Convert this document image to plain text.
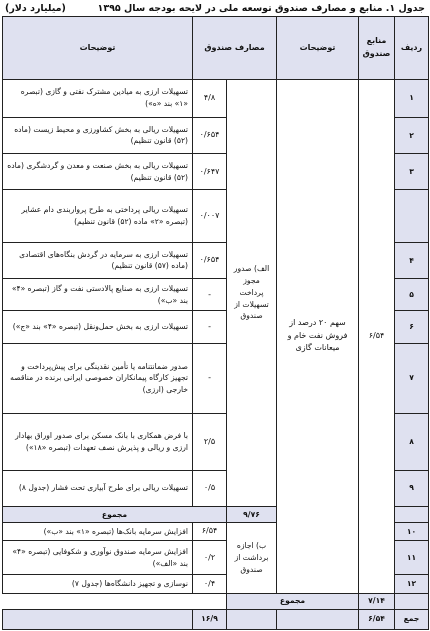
جدول ۱. منابع و مصارف صندوق توسعه ملی در لایحه بودجه سال ۱۳۹۵
(میلیارد دلار)
ردیف	منابع صندوق	توضیحات	مصارف صندوق		توضیحات
۱	۶/۵۴	سهم ۲۰ درصد از فروش نفت خام و میعانات گازی	الف) صدور مجوز پرداخت تسهیلات از صندوق	۴/۸	تسهیلات ارزی به میادین مشترک نفتی و گازی (تبصره «۱» بند «ه»)
۲				۰/۶۵۴	تسهیلات ریالی به بخش کشاورزی و محیط زیست (ماده (۵۲) قانون تنظیم)
۳				۰/۶۴۷	تسهیلات ریالی به بخش صنعت و معدن و گردشگری (ماده (۵۲) قانون تنظیم)
				۰/۰۰۷	تسهیلات ریالی پرداختی به طرح پرواربندی دام عشایر (تبصره «۲» ماده (۵۲) قانون تنظیم)
۴				۰/۶۵۴	تسهیلات ارزی به سرمایه در گردش بنگاه‌های اقتصادی (ماده (۵۷) قانون تنظیم)
۵				-	تسهیلات ارزی به صنایع پالادستی نفت و گاز (تبصره «۴» بند «ب»)
۶				-	تسهیلات ارزی به بخش حمل‌ونقل (تبصره «۴» بند «ج»)
۷				-	صدور ضمانتنامه یا تأمین نقدینگی برای پیش‌پرداخت و تجهیز کارگاه پیمانکاران خصوصی ایرانی برنده در مناقصه خارجی (ارزی)
۸				۲/۵	با فرض همکاری با بانک مسکن برای صدور اوراق بهادار ارزی و ریالی و پذیرش نصف تعهدات (تبصره «۱۸»)
۹				۰/۵	تسهیلات ریالی برای طرح آبیاری تحت فشار (جدول ۸)
			۹/۷۶	مجموع	
۱۰			ب) اجازه برداشت از صندوق	۶/۵۴	افزایش سرمایه بانک‌ها (تبصره «۱» بند «ب»)
۱۱				۰/۲	افزایش سرمایه صندوق نوآوری و شکوفایی (تبصره «۴» بند «الف»)
۱۲				۰/۴	نوسازی و تجهیز دانشگاه‌ها (جدول ۷)
	۷/۱۴	مجموع			
جمع	۶/۵۴			۱۶/۹	
